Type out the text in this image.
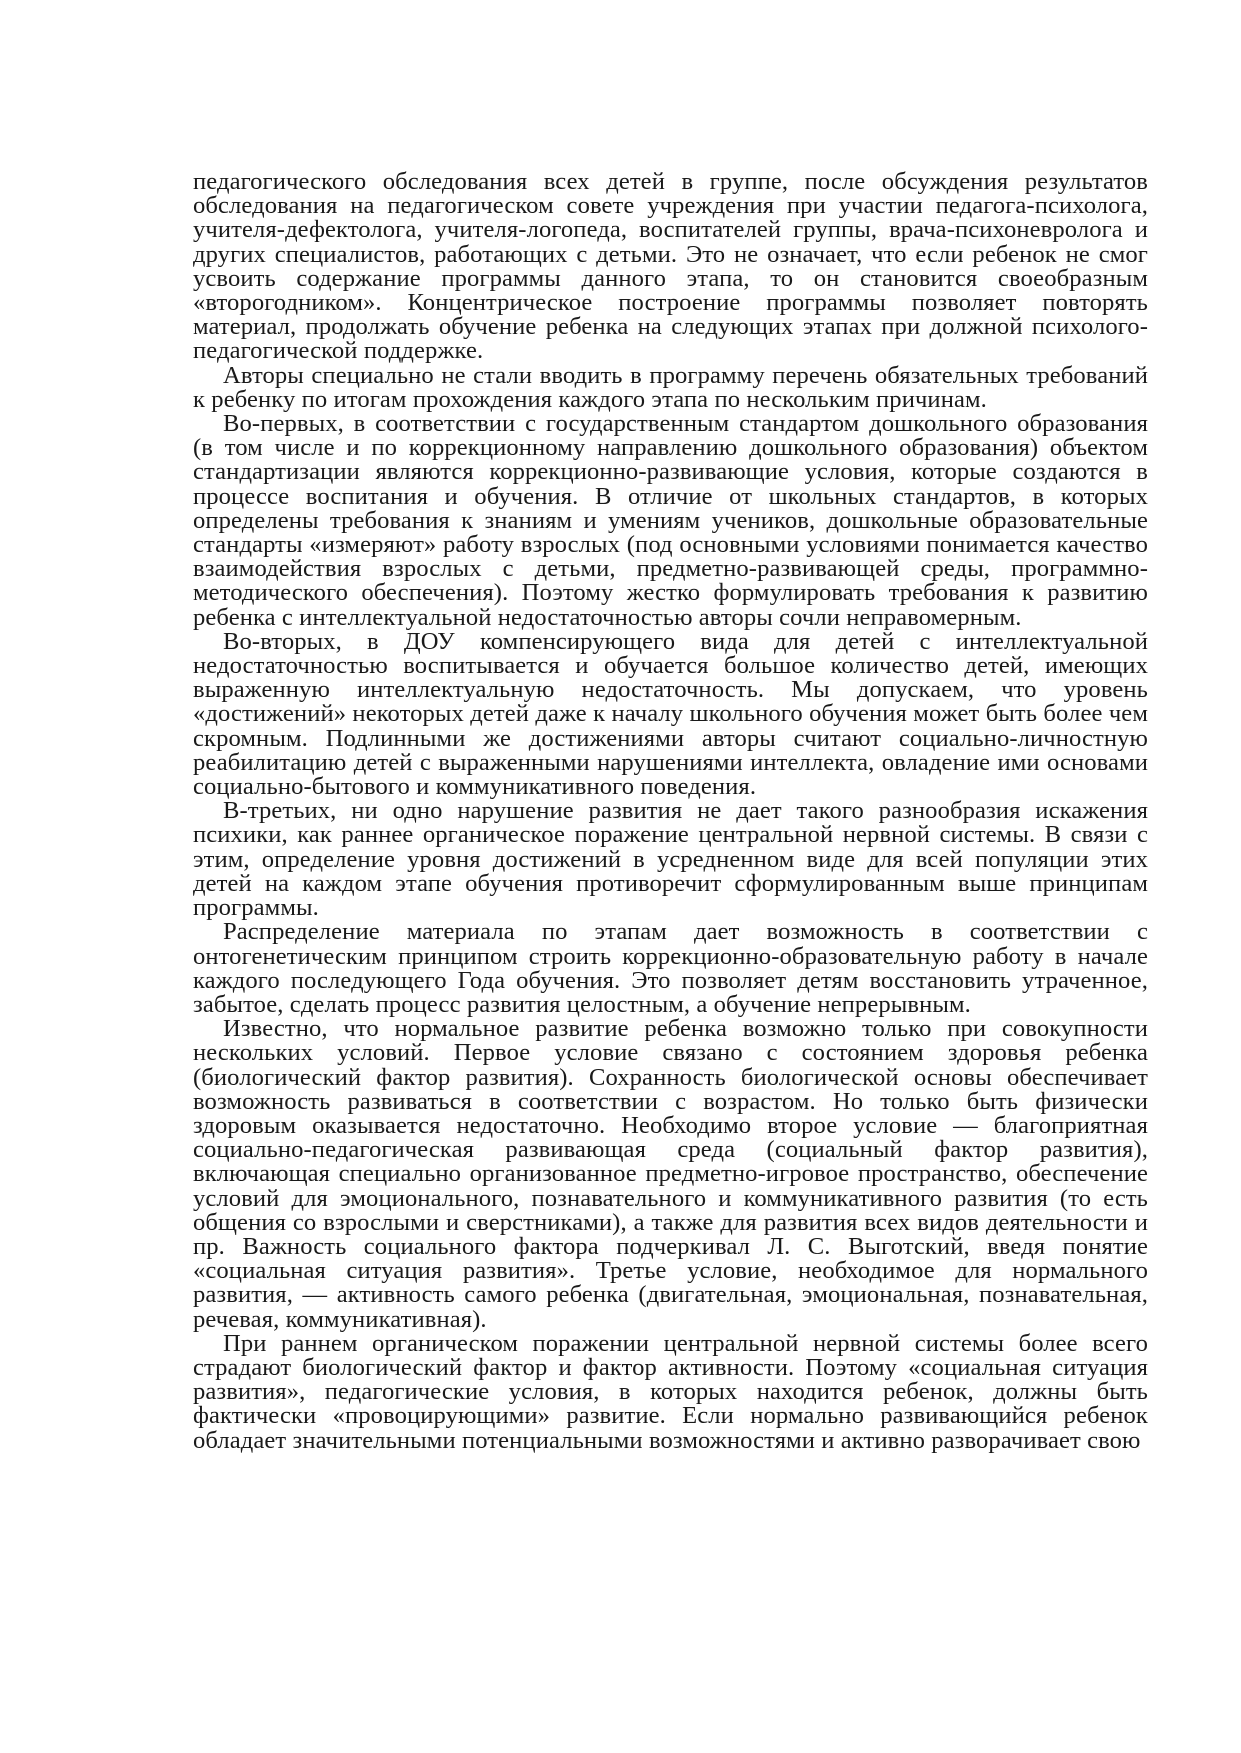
педагогического обследования всех детей в группе, после обсуждения результатов обследования на педагогическом совете учреждения при участии педагога-психолога, учителя-дефектолога, учителя-логопеда, воспитателей группы, врача-психоневролога и других специалистов, работающих с детьми. Это не означает, что если ребенок не смог усвоить содержание программы данного этапа, то он становится своеобразным «второгодником». Концентрическое построение программы позволяет повторять материал, продолжать обучение ребенка на следующих этапах при должной психолого-педагогической поддержке.

Авторы специально не стали вводить в программу перечень обязательных требований к ребенку по итогам прохождения каждого этапа по нескольким причинам.

Во-первых, в соответствии с государственным стандартом дошкольного образования (в том числе и по коррекционному направлению дошкольного образования) объектом стандартизации являются коррекционно-развивающие условия, которые создаются в процессе воспитания и обучения. В отличие от школьных стандартов, в которых определены требования к знаниям и умениям учеников, дошкольные образовательные стандарты «измеряют» работу взрослых (под основными условиями понимается качество взаимодействия взрослых с детьми, предметно-развивающей среды, программно-методического обеспечения). Поэтому жестко формулировать требования к развитию ребенка с интеллектуальной недостаточностью авторы сочли неправомерным.

Во-вторых, в ДОУ компенсирующего вида для детей с интеллектуальной недостаточностью воспитывается и обучается большое количество детей, имеющих выраженную интеллектуальную недостаточность. Мы допускаем, что уровень «достижений» некоторых детей даже к началу школьного обучения может быть более чем скромным. Подлинными же достижениями авторы считают социально-личностную реабилитацию детей с выраженными нарушениями интеллекта, овладение ими основами социально-бытового и коммуникативного поведения.

В-третьих, ни одно нарушение развития не дает такого разнообразия искажения психики, как раннее органическое поражение центральной нервной системы. В связи с этим, определение уровня достижений в усредненном виде для всей популяции этих детей на каждом этапе обучения противоречит сформулированным выше принципам программы.

Распределение материала по этапам дает возможность в соответствии с онтогенетическим принципом строить коррекционно-образовательную работу в начале каждого последующего Года обучения. Это позволяет детям восстановить утраченное, забытое, сделать процесс развития целостным, а обучение непрерывным.

Известно, что нормальное развитие ребенка возможно только при совокупности нескольких условий. Первое условие связано с состоянием здоровья ребенка (биологический фактор развития). Сохранность биологической основы обеспечивает возможность развиваться в соответствии с возрастом. Но только быть физически здоровым оказывается недостаточно. Необходимо второе условие — благоприятная социально-педагогическая развивающая среда (социальный фактор развития), включающая специально организованное предметно-игровое пространство, обеспечение условий для эмоционального, познавательного и коммуникативного развития (то есть общения со взрослыми и сверстниками), а также для развития всех видов деятельности и пр. Важность социального фактора подчеркивал Л. С. Выготский, введя понятие «социальная ситуация развития». Третье условие, необходимое для нормального развития, — активность самого ребенка (двигательная, эмоциональная, познавательная, речевая, коммуникативная).

При раннем органическом поражении центральной нервной системы более всего страдают биологический фактор и фактор активности. Поэтому «социальная ситуация развития», педагогические условия, в которых находится ребенок, должны быть фактически «провоцирующими» развитие. Если нормально развивающийся ребенок обладает значительными потенциальными возможностями и активно разворачивает свою
